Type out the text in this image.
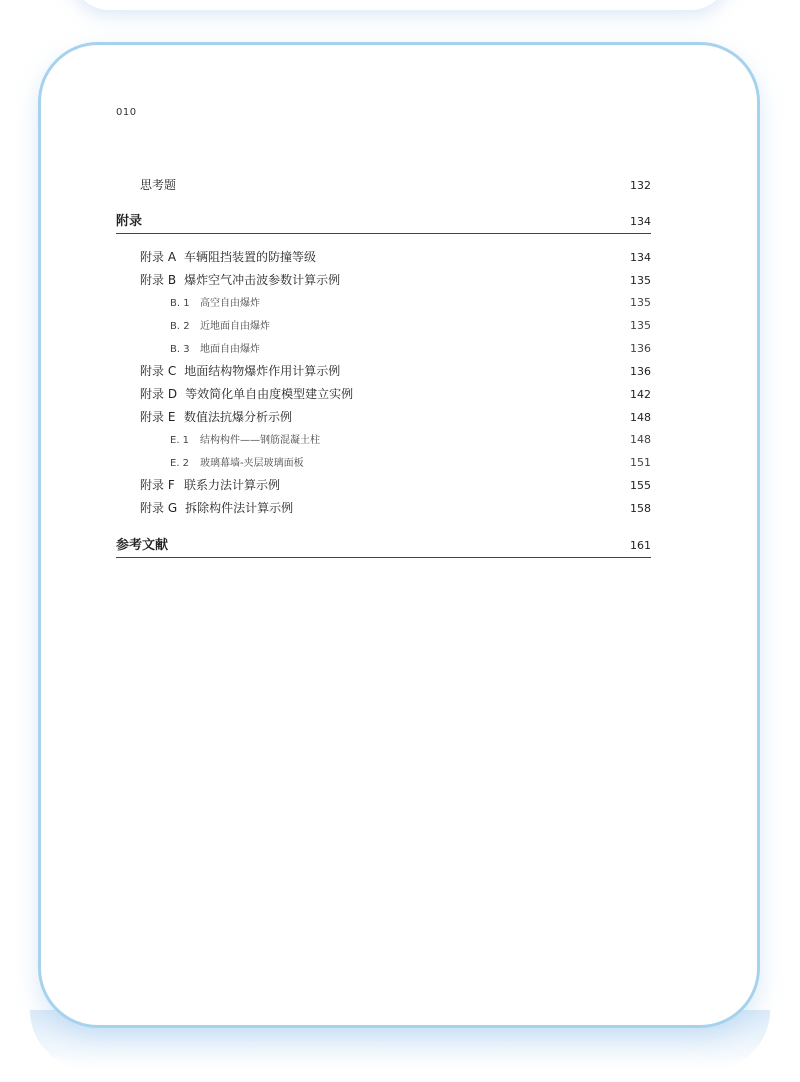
010
思考题	132
附录	134
附录 A 车辆阻挡装置的防撞等级	134
附录 B 爆炸空气冲击波参数计算示例	135
B. 1 高空自由爆炸	135
B. 2 近地面自由爆炸	135
B. 3 地面自由爆炸	136
附录 C 地面结构物爆炸作用计算示例	136
附录 D 等效简化单自由度模型建立实例	142
附录 E 数值法抗爆分析示例	148
E. 1 结构构件——钢筋混凝土柱	148
E. 2 玻璃幕墙-夹层玻璃面板	151
附录 F 联系力法计算示例	155
附录 G 拆除构件法计算示例	158
参考文献	161
